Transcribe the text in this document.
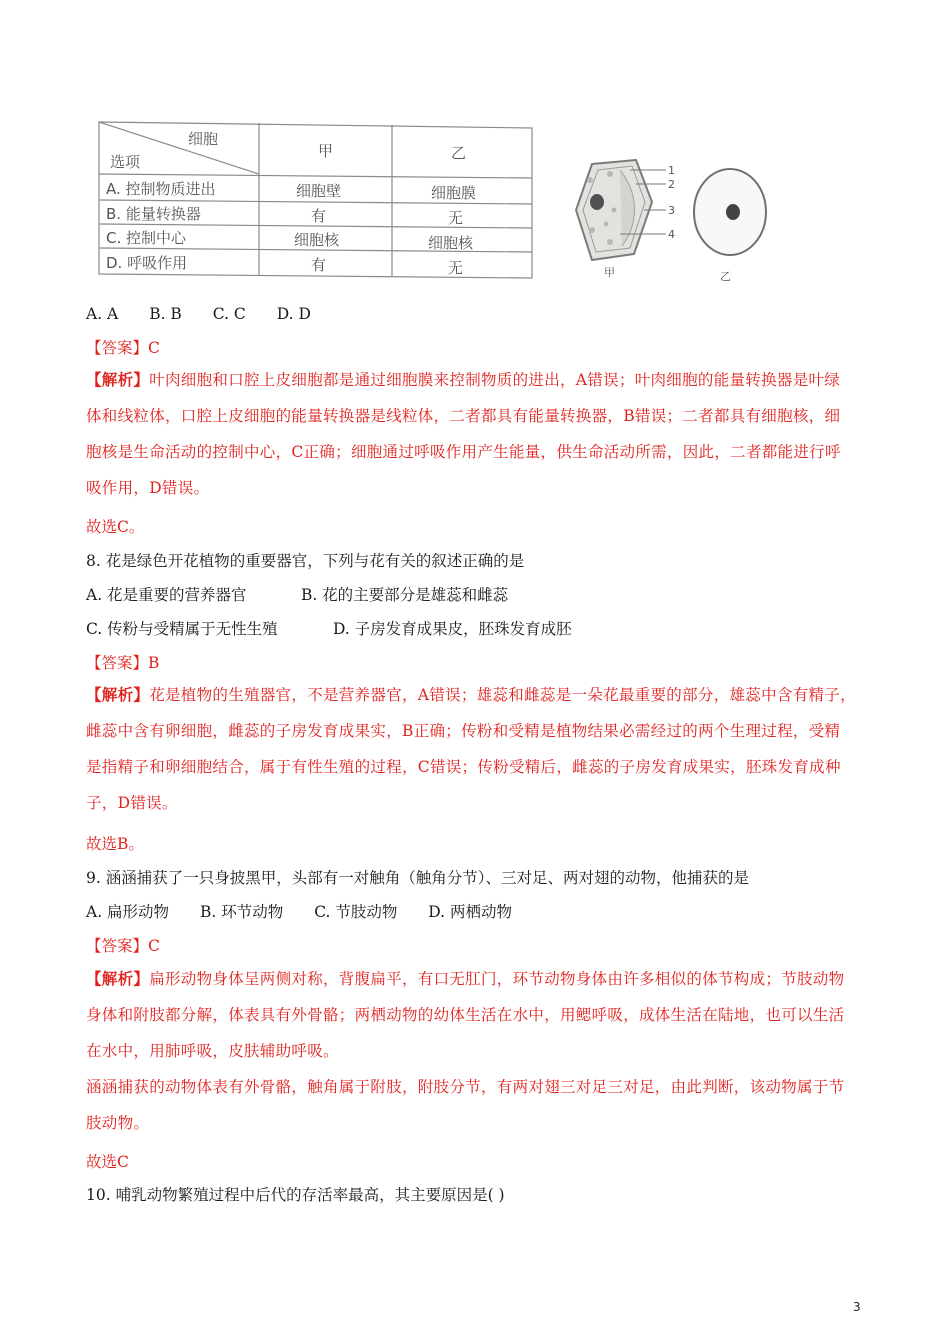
细胞
选项
甲	乙
A. 控制物质进出	细胞壁	细胞膜
B. 能量转换器	有	无
C. 控制中心	细胞核	细胞核
D. 呼吸作用	有	无
1
2
3
4
甲	乙
A. A B. B C. C D. D
【答案】C
【解析】叶肉细胞和口腔上皮细胞都是通过细胞膜来控制物质的进出，A错误；叶肉细胞的能量转换器是叶绿
体和线粒体，口腔上皮细胞的能量转换器是线粒体，二者都具有能量转换器，B错误；二者都具有细胞核，细
胞核是生命活动的控制中心，C正确；细胞通过呼吸作用产生能量，供生命活动所需，因此，二者都能进行呼
吸作用，D错误。
故选C。
8. 花是绿色开花植物的重要器官，下列与花有关的叙述正确的是
A. 花是重要的营养器官	B. 花的主要部分是雄蕊和雌蕊
C. 传粉与受精属于无性生殖	D. 子房发育成果皮，胚珠发育成胚
【答案】B
【解析】花是植物的生殖器官，不是营养器官，A错误；雄蕊和雌蕊是一朵花最重要的部分，雄蕊中含有精子，
雌蕊中含有卵细胞，雌蕊的子房发育成果实，B正确；传粉和受精是植物结果必需经过的两个生理过程，受精
是指精子和卵细胞结合，属于有性生殖的过程，C错误；传粉受精后，雌蕊的子房发育成果实，胚珠发育成种
子，D错误。
故选B。
9. 涵涵捕获了一只身披黑甲，头部有一对触角（触角分节）、三对足、两对翅的动物，他捕获的是
A. 扁形动物 B. 环节动物 C. 节肢动物 D. 两栖动物
【答案】C
【解析】扁形动物身体呈两侧对称，背腹扁平，有口无肛门，环节动物身体由许多相似的体节构成；节肢动物
身体和附肢都分解，体表具有外骨骼；两栖动物的幼体生活在水中，用鳃呼吸，成体生活在陆地，也可以生活
在水中，用肺呼吸，皮肤辅助呼吸。
涵涵捕获的动物体表有外骨骼，触角属于附肢，附肢分节，有两对翅三对足三对足，由此判断，该动物属于节
肢动物。
故选C
10. 哺乳动物繁殖过程中后代的存活率最高，其主要原因是( )
3
